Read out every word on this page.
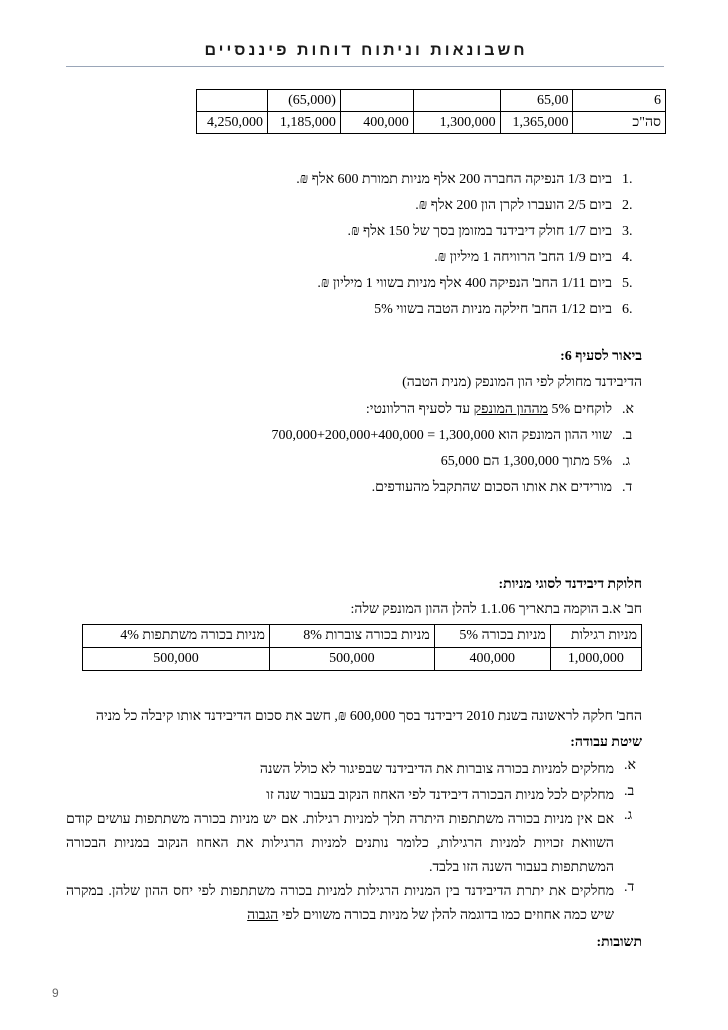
חשבונאות וניתוח דוחות פיננסיים
6	65,00			(65,000)	
סה"כ	1,365,000	1,300,000	400,000	1,185,000	4,250,000
.1
ביום 1/3 הנפיקה החברה 200 אלף מניות תמורת 600 אלף ₪.
.2
ביום 2/5 הועברו לקרן הון 200 אלף ₪.
.3
ביום 1/7 חולק דיבידנד במזומן בסך של 150 אלף ₪.
.4
ביום 1/9 החב' הרוויחה 1 מיליון ₪.
.5
ביום 1/11 החב' הנפיקה 400 אלף מניות בשווי 1 מיליון ₪.
.6
ביום 1/12 החב' חילקה מניות הטבה בשווי 5%
ביאור לסעיף 6:
הדיבידנד מחולק לפי הון המונפק (מנית הטבה)
א.
לוקחים 5% מההון המונפק עד לסעיף הרלוונטי:
ב.
שווי ההון המונפק הוא 1,300,000 = 700,000+200,000+400,000
ג.
5% מתוך 1,300,000 הם 65,000
ד.
מורידים את אותו הסכום שהתקבל מהעודפים.
חלוקת דיבידנד לסוגי מניות:
חב' א.ב הוקמה בתאריך 1.1.06 להלן ההון המונפק שלה:
מניות רגילות	מניות בכורה 5%	מניות בכורה צוברות 8%	מניות בכורה משתתפות 4%
1,000,000	400,000	500,000	500,000
החב' חלקה לראשונה בשנת 2010 דיבידנד בסך 600,000 ₪, חשב את סכום הדיבידנד אותו קיבלה כל מניה
שיטת עבודה:
א.
מחלקים למניות בכורה צוברות את הדיבידנד שבפיגור לא כולל השנה
ב.
מחלקים לכל מניות הבכורה דיבידנד לפי האחוז הנקוב בעבור שנה זו
ג.
אם אין מניות בכורה משתתפות היתרה תלך למניות רגילות. אם יש מניות בכורה משתתפות עושים קודם השוואת זכויות למניות הרגילות, כלומר נותנים למניות הרגילות את האחוז הנקוב במניות הבכורה המשתתפות בעבור השנה הזו בלבד.
ד.
מחלקים את יתרת הדיבידנד בין המניות הרגילות למניות בכורה משתתפות לפי יחס ההון שלהן. במקרה שיש כמה אחוזים כמו בדוגמה להלן של מניות בכורה משווים לפי הגבוה
תשובות:
9
